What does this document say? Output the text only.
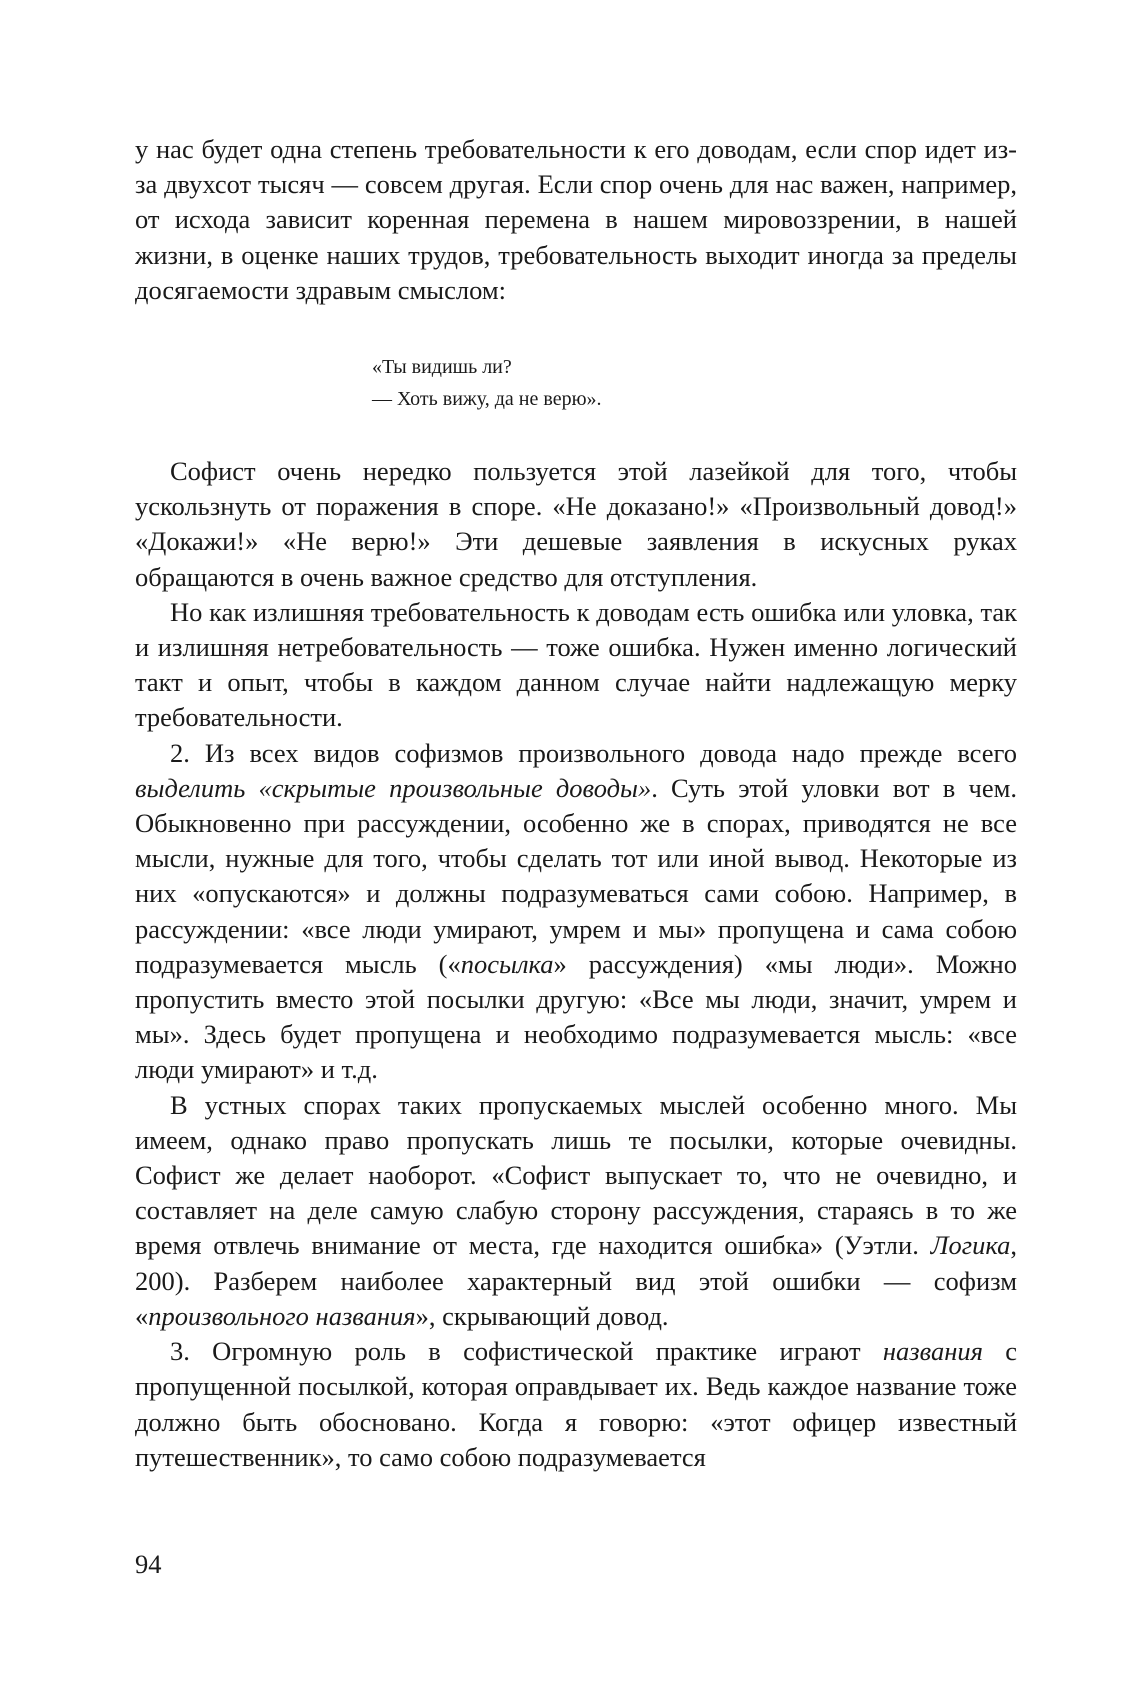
у нас будет одна степень требовательности к его доводам, если спор идет из-за двухсот тысяч — совсем другая. Если спор очень для нас важен, например, от исхода зависит коренная перемена в нашем мировоззрении, в нашей жизни, в оценке наших трудов, требовательность выходит иногда за пределы досягаемости здравым смыслом:

«Ты видишь ли?
— Хоть вижу, да не верю».

Софист очень нередко пользуется этой лазейкой для того, чтобы ускользнуть от поражения в споре. «Не доказано!» «Произвольный довод!» «Докажи!» «Не верю!» Эти дешевые заявления в искусных руках обращаются в очень важное средство для отступления.

Но как излишняя требовательность к доводам есть ошибка или уловка, так и излишняя нетребовательность — тоже ошибка. Нужен именно логический такт и опыт, чтобы в каждом данном случае найти надлежащую мерку требовательности.

2. Из всех видов софизмов произвольного довода надо прежде всего выделить «скрытые произвольные доводы». Суть этой уловки вот в чем. Обыкновенно при рассуждении, особенно же в спорах, приводятся не все мысли, нужные для того, чтобы сделать тот или иной вывод. Некоторые из них «опускаются» и должны подразумеваться сами собою. Например, в рассуждении: «все люди умирают, умрем и мы» пропущена и сама собою подразумевается мысль («посылка» рассуждения) «мы люди». Можно пропустить вместо этой посылки другую: «Все мы люди, значит, умрем и мы». Здесь будет пропущена и необходимо подразумевается мысль: «все люди умирают» и т.д.

В устных спорах таких пропускаемых мыслей особенно много. Мы имеем, однако право пропускать лишь те посылки, которые очевидны. Софист же делает наоборот. «Софист выпускает то, что не очевидно, и составляет на деле самую слабую сторону рассуждения, стараясь в то же время отвлечь внимание от места, где находится ошибка» (Уэтли. Логика, 200). Разберем наиболее характерный вид этой ошибки — софизм «произвольного названия», скрывающий довод.

3. Огромную роль в софистической практике играют названия с пропущенной посылкой, которая оправдывает их. Ведь каждое название тоже должно быть обосновано. Когда я говорю: «этот офицер известный путешественник», то само собою подразумевается

94
